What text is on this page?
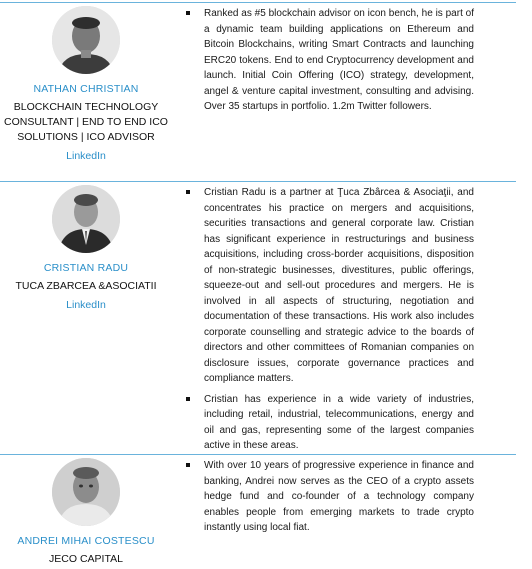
NATHAN CHRISTIAN
BLOCKCHAIN TECHNOLOGY CONSULTANT | END TO END ICO SOLUTIONS | ICO ADVISOR
LinkedIn

Ranked as #5 blockchain advisor on icon bench, he is part of a dynamic team building applications on Ethereum and Bitcoin Blockchains, writing Smart Contracts and launching ERC20 tokens. End to end Cryptocurrency development and launch. Initial Coin Offering (ICO) strategy, development, angel & venture capital investment, consulting and advising. Over 35 startups in portfolio. 1.2m Twitter followers.

CRISTIAN RADU
TUCA ZBARCEA &ASOCIATII
LinkedIn

Cristian Radu is a partner at Ţuca Zbârcea & Asociaţii, and concentrates his practice on mergers and acquisitions, securities transactions and general corporate law. Cristian has significant experience in restructurings and business acquisitions, including cross-border acquisitions, disposition of non-strategic businesses, divestitures, public offerings, squeeze-out and sell-out procedures and mergers. He is involved in all aspects of structuring, negotiation and documentation of these transactions. His work also includes corporate counselling and strategic advice to the boards of directors and other committees of Romanian companies on disclosure issues, corporate governance practices and compliance matters.

Cristian has experience in a wide variety of industries, including retail, industrial, telecommunications, energy and oil and gas, representing some of the largest companies active in these areas.

ANDREI MIHAI COSTESCU
JECO CAPITAL

With over 10 years of progressive experience in finance and banking, Andrei now serves as the CEO of a crypto assets hedge fund and co-founder of a technology company enables people from emerging markets to trade crypto instantly using local fiat.
